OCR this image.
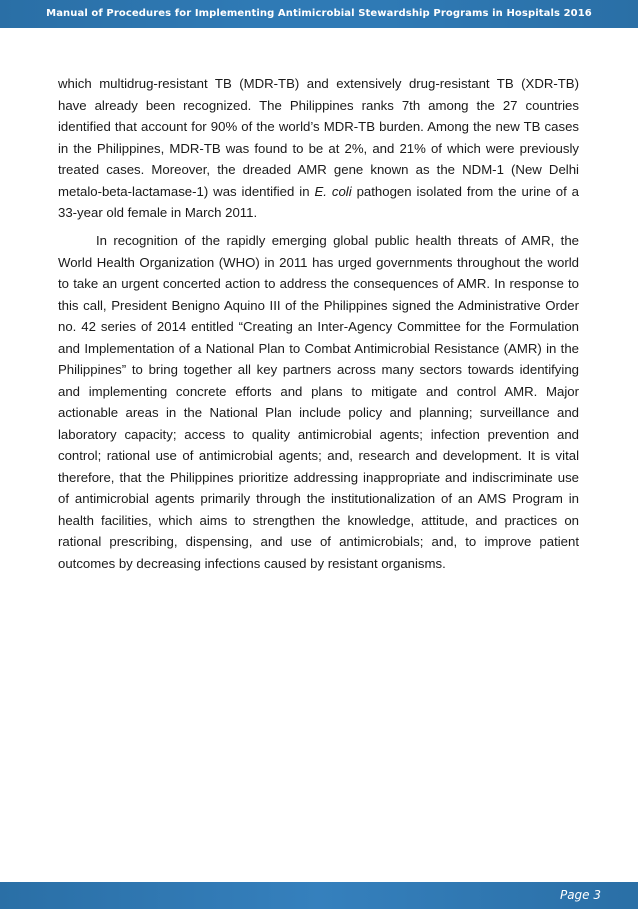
Manual of Procedures for Implementing Antimicrobial Stewardship Programs in Hospitals 2016

which multidrug-resistant TB (MDR-TB) and extensively drug-resistant TB (XDR-TB) have already been recognized. The Philippines ranks 7th among the 27 countries identified that account for 90% of the world’s MDR-TB burden. Among the new TB cases in the Philippines, MDR-TB was found to be at 2%, and 21% of which were previously treated cases. Moreover, the dreaded AMR gene known as the NDM-1 (New Delhi metalo-beta-lactamase-1) was identified in E. coli pathogen isolated from the urine of a 33-year old female in March 2011.

In recognition of the rapidly emerging global public health threats of AMR, the World Health Organization (WHO) in 2011 has urged governments throughout the world to take an urgent concerted action to address the consequences of AMR. In response to this call, President Benigno Aquino III of the Philippines signed the Administrative Order no. 42 series of 2014 entitled “Creating an Inter-Agency Committee for the Formulation and Implementation of a National Plan to Combat Antimicrobial Resistance (AMR) in the Philippines” to bring together all key partners across many sectors towards identifying and implementing concrete efforts and plans to mitigate and control AMR. Major actionable areas in the National Plan include policy and planning; surveillance and laboratory capacity; access to quality antimicrobial agents; infection prevention and control; rational use of antimicrobial agents; and, research and development. It is vital therefore, that the Philippines prioritize addressing inappropriate and indiscriminate use of antimicrobial agents primarily through the institutionalization of an AMS Program in health facilities, which aims to strengthen the knowledge, attitude, and practices on rational prescribing, dispensing, and use of antimicrobials; and, to improve patient outcomes by decreasing infections caused by resistant organisms.

Page 3
